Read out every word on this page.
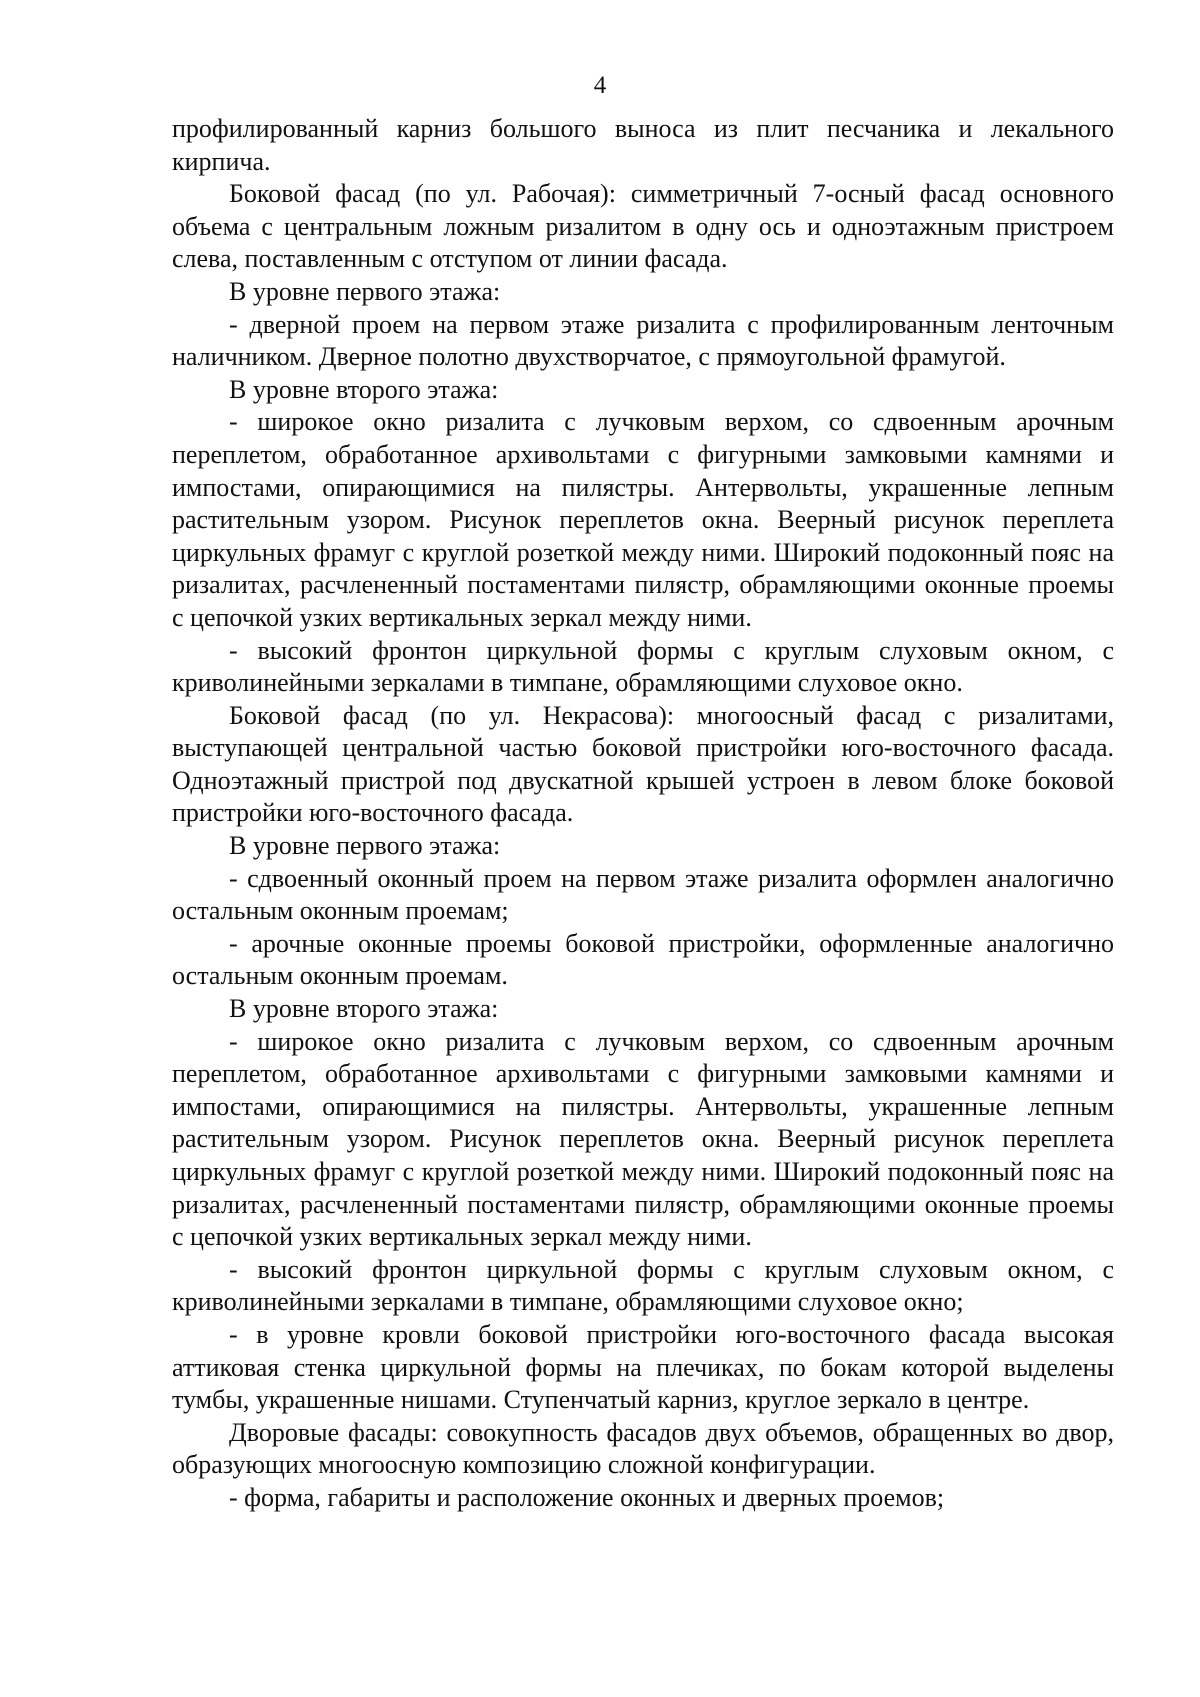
4

профилированный карниз большого выноса из плит песчаника и лекального кирпича.

Боковой фасад (по ул. Рабочая): симметричный 7-осный фасад основного объема с центральным ложным ризалитом в одну ось и одноэтажным пристроем слева, поставленным с отступом от линии фасада.

В уровне первого этажа:

- дверной проем на первом этаже ризалита с профилированным ленточным наличником. Дверное полотно двухстворчатое, с прямоугольной фрамугой.

В уровне второго этажа:

- широкое окно ризалита с лучковым верхом, со сдвоенным арочным переплетом, обработанное архивольтами с фигурными замковыми камнями и импостами, опирающимися на пилястры. Антервольты, украшенные лепным растительным узором. Рисунок переплетов окна. Веерный рисунок переплета циркульных фрамуг с круглой розеткой между ними. Широкий подоконный пояс на ризалитах, расчлененный постаментами пилястр, обрамляющими оконные проемы с цепочкой узких вертикальных зеркал между ними.

- высокий фронтон циркульной формы с круглым слуховым окном, с криволинейными зеркалами в тимпане, обрамляющими слуховое окно.

Боковой фасад (по ул. Некрасова): многоосный фасад с ризалитами, выступающей центральной частью боковой пристройки юго-восточного фасада. Одноэтажный пристрой под двускатной крышей устроен в левом блоке боковой пристройки юго-восточного фасада.

В уровне первого этажа:

- сдвоенный оконный проем на первом этаже ризалита оформлен аналогично остальным оконным проемам;

- арочные оконные проемы боковой пристройки, оформленные аналогично остальным оконным проемам.

В уровне второго этажа:

- широкое окно ризалита с лучковым верхом, со сдвоенным арочным переплетом, обработанное архивольтами с фигурными замковыми камнями и импостами, опирающимися на пилястры. Антервольты, украшенные лепным растительным узором. Рисунок переплетов окна. Веерный рисунок переплета циркульных фрамуг с круглой розеткой между ними. Широкий подоконный пояс на ризалитах, расчлененный постаментами пилястр, обрамляющими оконные проемы с цепочкой узких вертикальных зеркал между ними.

- высокий фронтон циркульной формы с круглым слуховым окном, с криволинейными зеркалами в тимпане, обрамляющими слуховое окно;

- в уровне кровли боковой пристройки юго-восточного фасада высокая аттиковая стенка циркульной формы на плечиках, по бокам которой выделены тумбы, украшенные нишами. Ступенчатый карниз, круглое зеркало в центре.

Дворовые фасады: совокупность фасадов двух объемов, обращенных во двор, образующих многоосную композицию сложной конфигурации.

- форма, габариты и расположение оконных и дверных проемов;
